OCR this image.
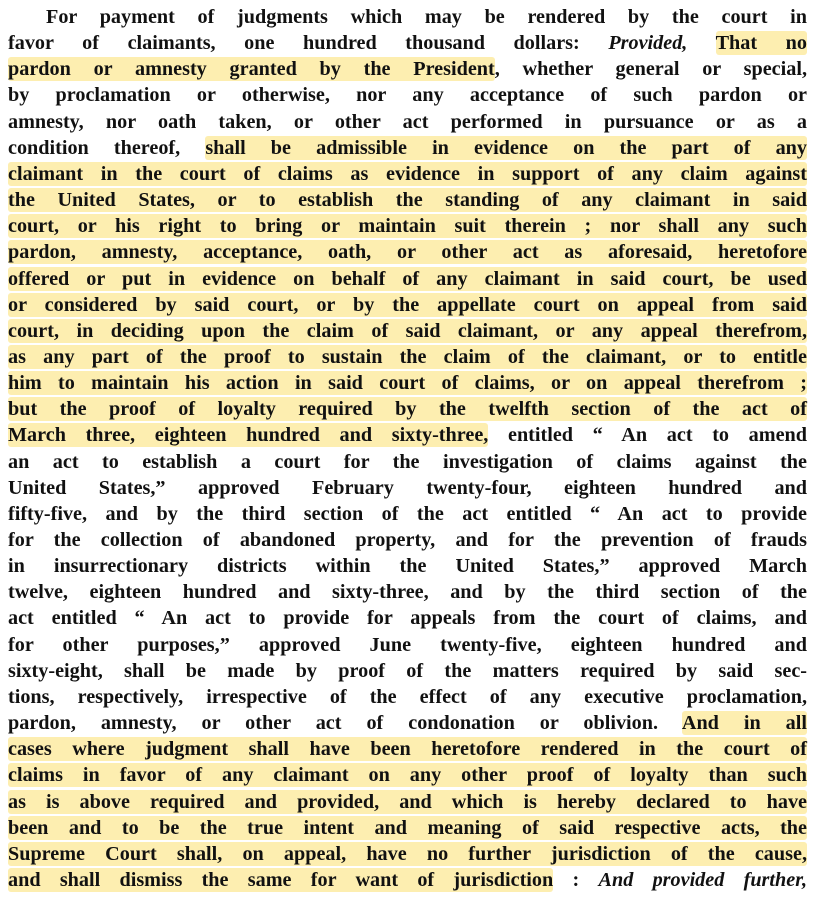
For payment of judgments which may be rendered by the court in
favor of claimants, one hundred thousand dollars: Provided, That no
pardon or amnesty granted by the President, whether general or special,
by proclamation or otherwise, nor any acceptance of such pardon or
amnesty, nor oath taken, or other act performed in pursuance or as a
condition thereof, shall be admissible in evidence on the part of any
claimant in the court of claims as evidence in support of any claim against
the United States, or to establish the standing of any claimant in said
court, or his right to bring or maintain suit therein ; nor shall any such
pardon, amnesty, acceptance, oath, or other act as aforesaid, heretofore
offered or put in evidence on behalf of any claimant in said court, be used
or considered by said court, or by the appellate court on appeal from said
court, in deciding upon the claim of said claimant, or any appeal therefrom,
as any part of the proof to sustain the claim of the claimant, or to entitle
him to maintain his action in said court of claims, or on appeal therefrom ;
but the proof of loyalty required by the twelfth section of the act of
March three, eighteen hundred and sixty-three, entitled “ An act to amend
an act to establish a court for the investigation of claims against the
United States,” approved February twenty-four, eighteen hundred and
fifty-five, and by the third section of the act entitled “ An act to provide
for the collection of abandoned property, and for the prevention of frauds
in insurrectionary districts within the United States,” approved March
twelve, eighteen hundred and sixty-three, and by the third section of the
act entitled “ An act to provide for appeals from the court of claims, and
for other purposes,” approved June twenty-five, eighteen hundred and
sixty-eight, shall be made by proof of the matters required by said sec-
tions, respectively, irrespective of the effect of any executive proclamation,
pardon, amnesty, or other act of condonation or oblivion. And in all
cases where judgment shall have been heretofore rendered in the court of
claims in favor of any claimant on any other proof of loyalty than such
as is above required and provided, and which is hereby declared to have
been and to be the true intent and meaning of said respective acts, the
Supreme Court shall, on appeal, have no further jurisdiction of the cause,
and shall dismiss the same for want of jurisdiction : And provided further,
